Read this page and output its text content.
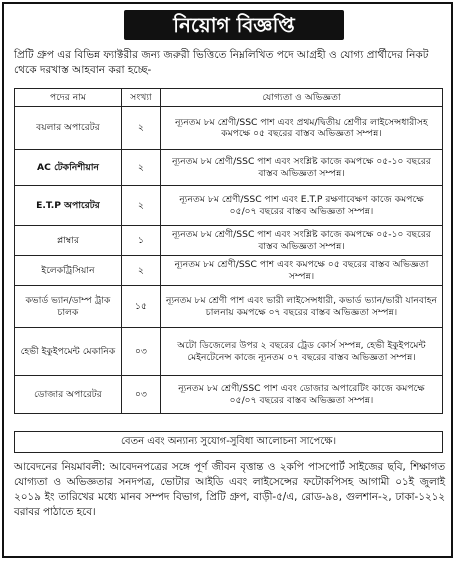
নিয়োগ বিজ্ঞপ্তি
প্রিটি গ্রুপ এর বিভিন্ন ফ্যাক্টরীর জন্য জরুরী ভিত্তিতে নিম্নলিখিত পদে আগ্রহী ও যোগ্য প্রার্থীদের নিকট থেকে দরখাস্ত আহবান করা হচ্ছে-
পদের নাম	সংখ্যা	যোগ্যতা ও অভিজ্ঞতা
বয়লার অপারেটর	২	ন্যূনতম ৮ম শ্রেণী/SSC পাশ এবং প্রথম/দ্বিতীয় শ্রেণীর লাইসেন্সধারীসহ কমপক্ষে ০৫ বছরের বাস্তব অভিজ্ঞতা সম্পন্ন।
AC টেকনিশীয়ান	২	ন্যূনতম ৮ম শ্রেণী/SSC পাশ এবং সংশ্লিষ্ট কাজে কমপক্ষে ০৫-১০ বছরের বাস্তব অভিজ্ঞতা সম্পন্ন।
E.T.P অপারেটর	২	ন্যূনতম ৮ম শ্রেণী/SSC পাশ এবং E.T.P রক্ষণাবেক্ষণ কাজে কমপক্ষে ০৫/০৭ বছরের বাস্তব অভিজ্ঞতা সম্পন্ন।
প্লাম্বার	১	ন্যূনতম ৮ম শ্রেণী/SSC পাশ এবং সংশ্লিষ্ট কাজে কমপক্ষে ০৫-১০ বছরের বাস্তব অভিজ্ঞতা সম্পন্ন।
ইলেকট্রিসিয়ান	২	ন্যূনতম ৮ম শ্রেণী/SSC পাশ এবং কমপক্ষে ০৫ বছরের বাস্তব অভিজ্ঞতা সম্পন্ন।
কভার্ড ভ্যান/ডাম্প ট্রাক চালক	১৫	ন্যূনতম ৮ম শ্রেণী পাশ এবং ভারী লাইসেন্সধারী, কভার্ড ভ্যান/ভারী যানবাহন চালনায় কমপক্ষে ০৭ বছরের বাস্তব অভিজ্ঞতা সম্পন্ন।
হেভী ইকুইপমেন্ট মেকানিক	০৩	অটো ডিজেলের উপর ২ বছরের ট্রেড কোর্স সম্পন্ন, হেভী ইকুইপমেন্ট মেইনটেনেন্স কাজে ন্যূনতম ০৭ বছরের বাস্তব অভিজ্ঞতা সম্পন্ন।
ডোজার অপারেটর	০৩	ন্যূনতম ৮ম শ্রেণী/SSC পাশ এবং ডোজার অপারেটিং কাজে কমপক্ষে ০৫/০৭ বছরের বাস্তব অভিজ্ঞতা সম্পন্ন।
বেতন এবং অন্যান্য সুযোগ-সুবিধা আলোচনা সাপেক্ষে।
আবেদনের নিয়মাবলী: আবেদনপত্রের সঙ্গে পূর্ণ জীবন বৃত্তান্ত ও ২কপি পাসপোর্ট সাইজের ছবি, শিক্ষাগত যোগ্যতা ও অভিজ্ঞতার সনদপত্র, ভোটার আইডি এবং লাইসেন্সের ফটোকপিসহ আগামী ০১ই জুলাই ২০১৯ ইং তারিখের মধ্যে মানব সম্পদ বিভাগ, প্রিটি গ্রুপ, বাড়ী-৫/এ, রোড-৯৪, গুলশান-২, ঢাকা-১২১২ বরাবর পাঠাতে হবে।
